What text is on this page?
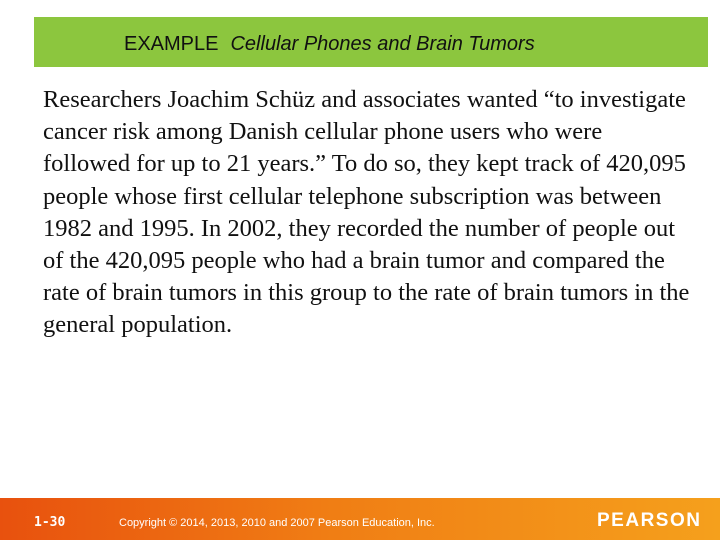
EXAMPLE Cellular Phones and Brain Tumors

Researchers Joachim Schüz and associates wanted “to investigate cancer risk among Danish cellular phone users who were followed for up to 21 years.” To do so, they kept track of 420,095 people whose first cellular telephone subscription was between 1982 and 1995. In 2002, they recorded the number of people out of the 420,095 people who had a brain tumor and compared the rate of brain tumors in this group to the rate of brain tumors in the general population.

1-30	Copyright © 2014, 2013, 2010 and 2007 Pearson Education, Inc.	PEARSON
